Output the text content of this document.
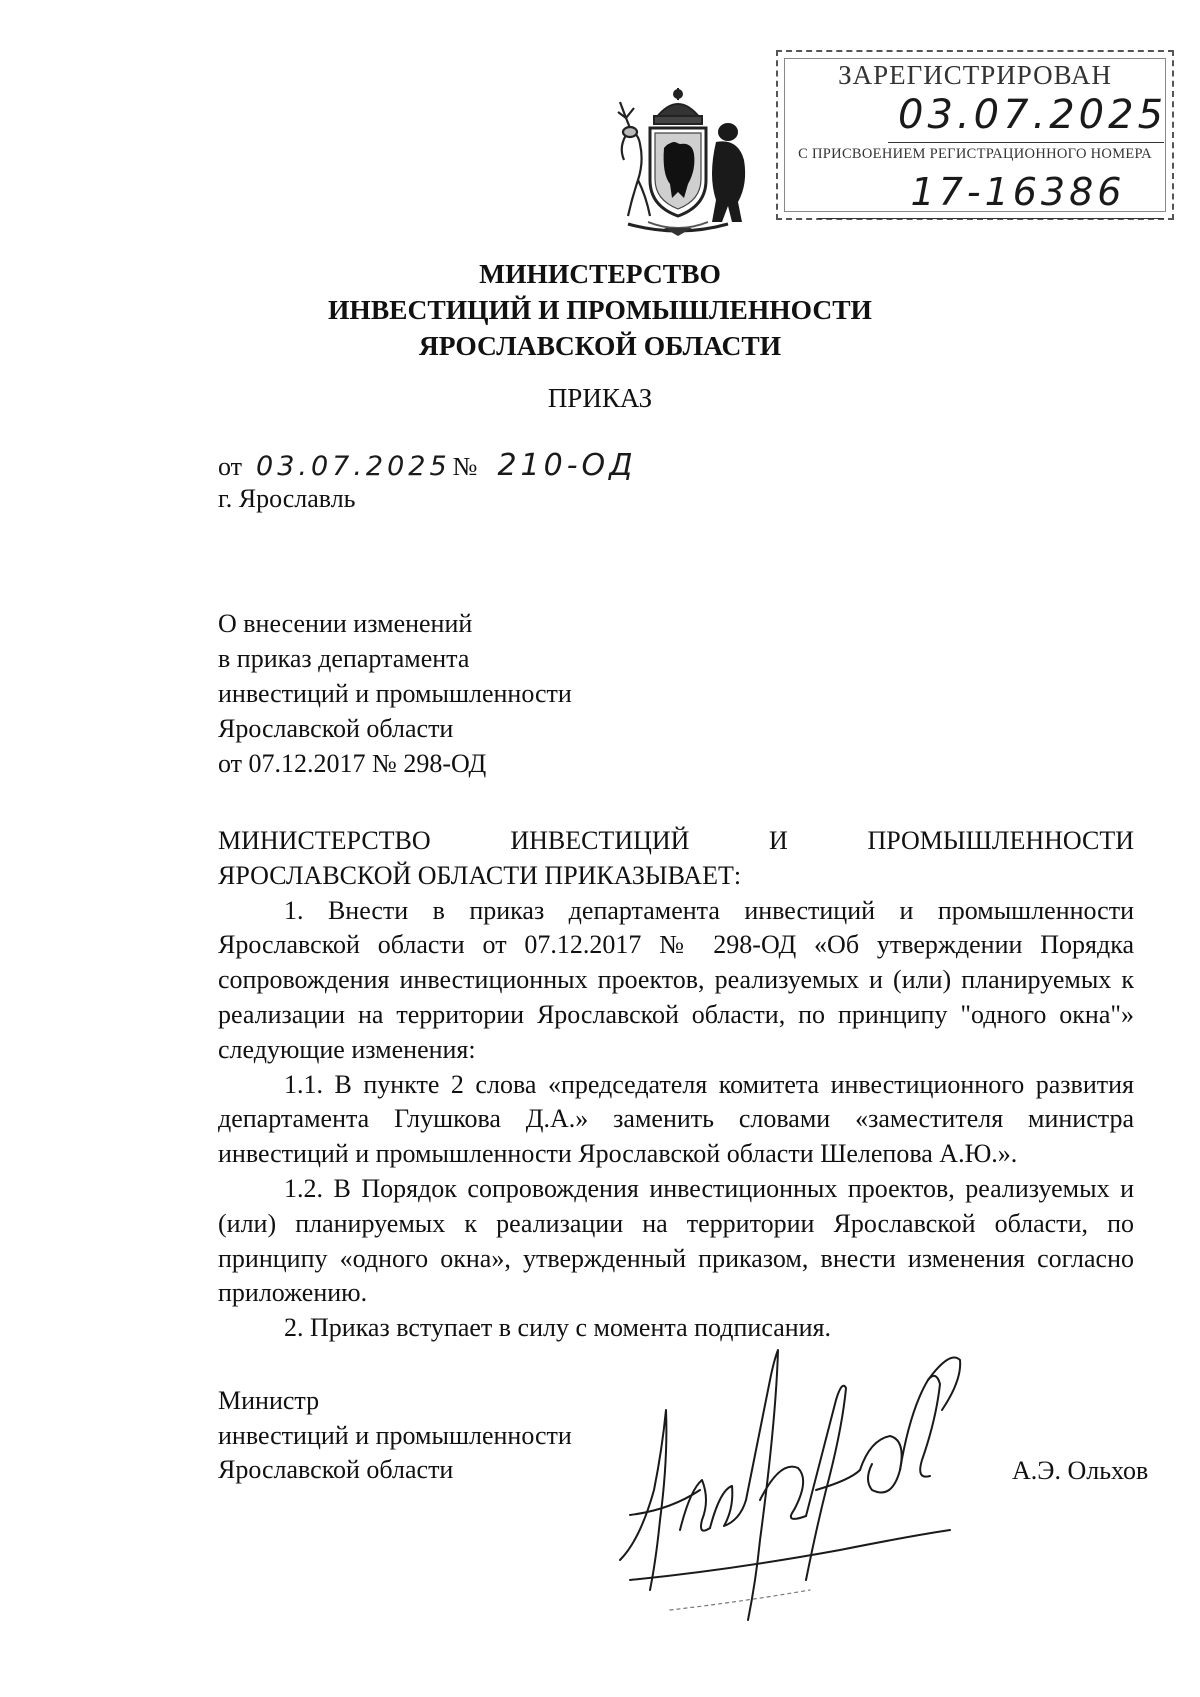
ЗАРЕГИСТРИРОВАН
03.07.2025
С ПРИСВОЕНИЕМ РЕГИСТРАЦИОННОГО НОМЕРА
17-16386
МИНИСТЕРСТВО
ИНВЕСТИЦИЙ И ПРОМЫШЛЕННОСТИ
ЯРОСЛАВСКОЙ ОБЛАСТИ
ПРИКАЗ
от 03.07.2025 № 210-ОД
г. Ярославль
О внесении изменений
в приказ департамента
инвестиций и промышленности
Ярославской области
от 07.12.2017 № 298-ОД

МИНИСТЕРСТВО ИНВЕСТИЦИЙ И ПРОМЫШЛЕННОСТИ

ЯРОСЛАВСКОЙ ОБЛАСТИ ПРИКАЗЫВАЕТ:

1. Внести в приказ департамента инвестиций и промышленности Ярославской области от 07.12.2017 № 298-ОД «Об утверждении Порядка сопровождения инвестиционных проектов, реализуемых и (или) планируемых к реализации на территории Ярославской области, по принципу "одного окна"» следующие изменения:

1.1. В пункте 2 слова «председателя комитета инвестиционного развития департамента Глушкова Д.А.» заменить словами «заместителя министра инвестиций и промышленности Ярославской области Шелепова А.Ю.».

1.2. В Порядок сопровождения инвестиционных проектов, реализуемых и (или) планируемых к реализации на территории Ярославской области, по принципу «одного окна», утвержденный приказом, внести изменения согласно приложению.

2. Приказ вступает в силу с момента подписания.

Министр
инвестиций и промышленности
Ярославской области	А.Э. Ольхов
